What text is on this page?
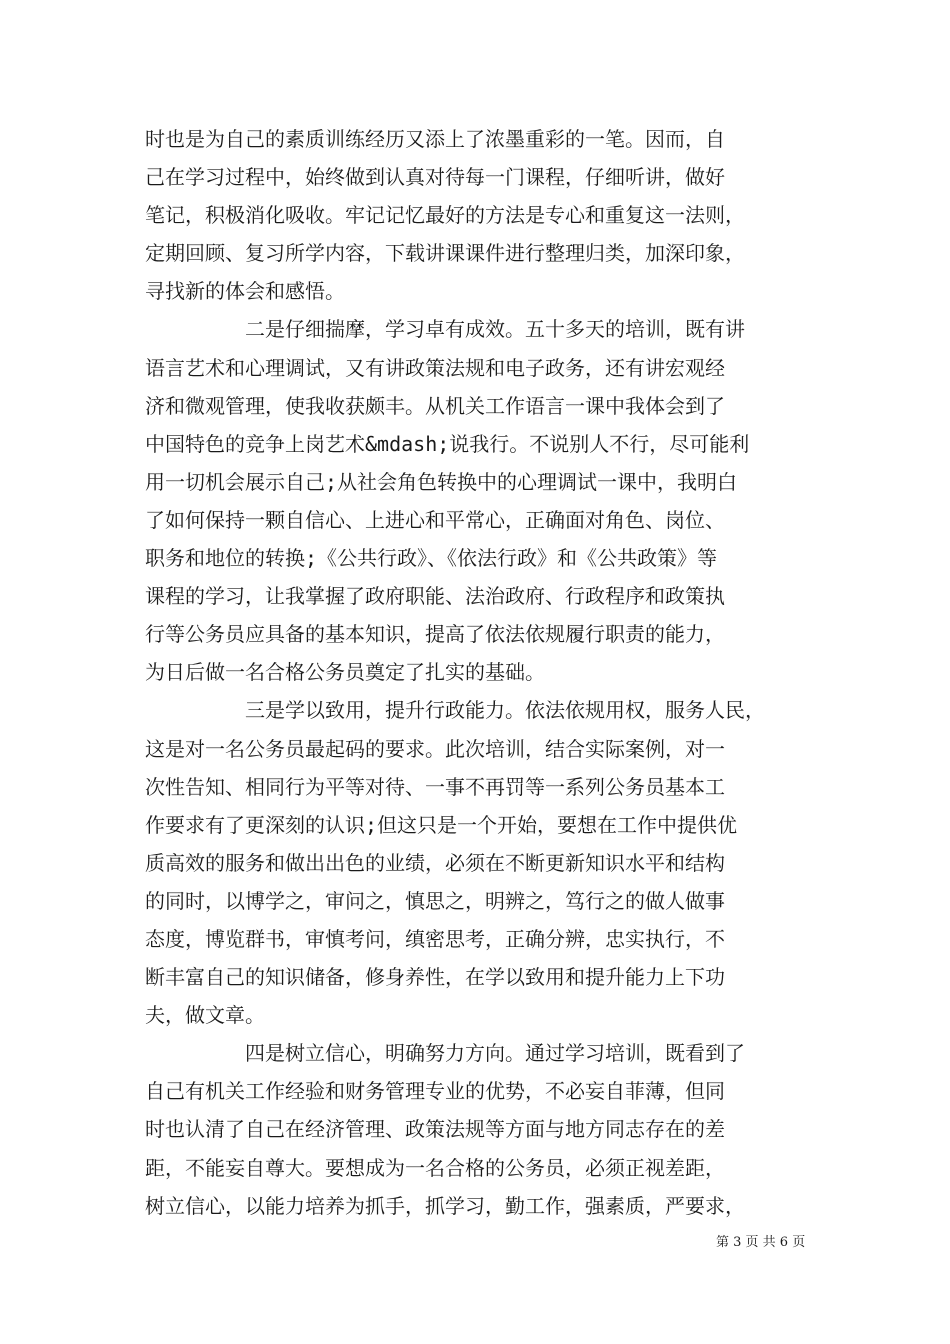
时也是为自己的素质训练经历又添上了浓墨重彩的一笔。因而，自
己在学习过程中，始终做到认真对待每一门课程，仔细听讲，做好
笔记，积极消化吸收。牢记记忆最好的方法是专心和重复这一法则，
定期回顾、复习所学内容，下载讲课课件进行整理归类，加深印象，
寻找新的体会和感悟。
二是仔细揣摩，学习卓有成效。五十多天的培训，既有讲
语言艺术和心理调试，又有讲政策法规和电子政务，还有讲宏观经
济和微观管理，使我收获颇丰。从机关工作语言一课中我体会到了
中国特色的竞争上岗艺术&mdash;说我行。不说别人不行，尽可能利
用一切机会展示自己;从社会角色转换中的心理调试一课中，我明白
了如何保持一颗自信心、上进心和平常心，正确面对角色、岗位、
职务和地位的转换;《公共行政》、《依法行政》和《公共政策》等
课程的学习，让我掌握了政府职能、法治政府、行政程序和政策执
行等公务员应具备的基本知识，提高了依法依规履行职责的能力，
为日后做一名合格公务员奠定了扎实的基础。
三是学以致用，提升行政能力。依法依规用权，服务人民，
这是对一名公务员最起码的要求。此次培训，结合实际案例，对一
次性告知、相同行为平等对待、一事不再罚等一系列公务员基本工
作要求有了更深刻的认识;但这只是一个开始，要想在工作中提供优
质高效的服务和做出出色的业绩，必须在不断更新知识水平和结构
的同时，以博学之，审问之，慎思之，明辨之，笃行之的做人做事
态度，博览群书，审慎考问，缜密思考，正确分辨，忠实执行，不
断丰富自己的知识储备，修身养性，在学以致用和提升能力上下功
夫，做文章。
四是树立信心，明确努力方向。通过学习培训，既看到了
自己有机关工作经验和财务管理专业的优势，不必妄自菲薄，但同
时也认清了自己在经济管理、政策法规等方面与地方同志存在的差
距，不能妄自尊大。要想成为一名合格的公务员，必须正视差距，
树立信心，以能力培养为抓手，抓学习，勤工作，强素质，严要求，
第 3 页 共 6 页
